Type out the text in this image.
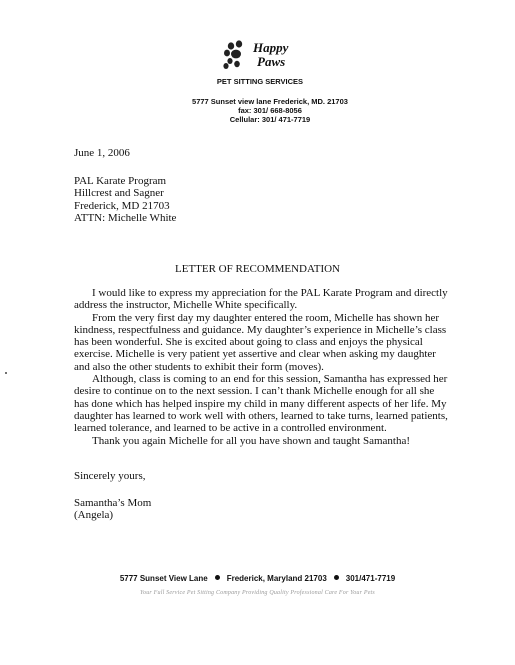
Happy
Paws
PET SITTING SERVICES
5777 Sunset view lane Frederick, MD. 21703
fax: 301/ 668-8056
Cellular: 301/ 471-7719
June 1, 2006
PAL Karate Program
Hillcrest and Sagner
Frederick, MD 21703
ATTN: Michelle White
LETTER OF RECOMMENDATION

I would like to express my appreciation for the PAL Karate Program and directly address the instructor, Michelle White specifically.

From the very first day my daughter entered the room, Michelle has shown her kindness, respectfulness and guidance. My daughter’s experience in Michelle’s class has been wonderful. She is excited about going to class and enjoys the physical exercise. Michelle is very patient yet assertive and clear when asking my daughter and also the other students to exhibit their form (moves).

Although, class is coming to an end for this session, Samantha has expressed her desire to continue on to the next session. I can’t thank Michelle enough for all she has done which has helped inspire my child in many different aspects of her life. My daughter has learned to work well with others, learned to take turns, learned patients, learned tolerance, and learned to be active in a controlled environment.

Thank you again Michelle for all you have shown and taught Samantha!

Sincerely yours,
Samantha’s Mom
(Angela)
5777 Sunset View Lane Frederick, Maryland 21703 301/471-7719
Your Full Service Pet Sitting Company Providing Quality Professional Care For Your Pets
